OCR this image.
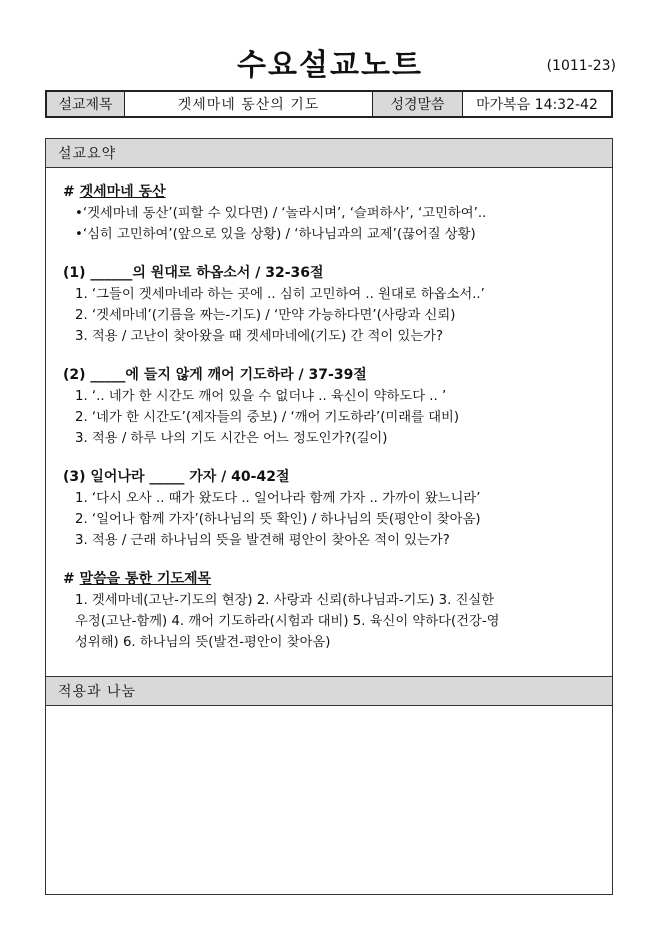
수요설교노트	(1011-23)
설교제목	겟세마네 동산의 기도	성경말씀	마가복음 14:32-42
설교요약
# 겟세마네 동산
•‘겟세마네 동산’(피할 수 있다면) / ‘놀라시며’, ‘슬퍼하사’, ‘고민하여’..
•‘심히 고민하여’(앞으로 있을 상황) / ‘하나님과의 교제’(끊어질 상황)
(1) ______의 원대로 하옵소서 / 32-36절
1. ‘그들이 겟세마네라 하는 곳에 .. 심히 고민하여 .. 원대로 하옵소서..’
2. ‘겟세마네’(기름을 짜는-기도) / ‘만약 가능하다면’(사랑과 신뢰)
3. 적용 / 고난이 찾아왔을 때 겟세마네에(기도) 간 적이 있는가?
(2) _____에 들지 않게 깨어 기도하라 / 37-39절
1. ‘.. 네가 한 시간도 깨어 있을 수 없더냐 .. 육신이 약하도다 .. ’
2. ‘네가 한 시간도’(제자들의 중보) / ‘깨어 기도하라’(미래를 대비)
3. 적용 / 하루 나의 기도 시간은 어느 정도인가?(길이)
(3) 일어나라 _____ 가자 / 40-42절
1. ‘다시 오사 .. 때가 왔도다 .. 일어나라 함께 가자 .. 가까이 왔느니라’
2. ‘일어나 함께 가자’(하나님의 뜻 확인) / 하나님의 뜻(평안이 찾아옴)
3. 적용 / 근래 하나님의 뜻을 발견해 평안이 찾아온 적이 있는가?
# 말씀을 통한 기도제목
1. 겟세마네(고난-기도의 현장) 2. 사랑과 신뢰(하나님과-기도) 3. 진실한
우정(고난-함께) 4. 깨어 기도하라(시험과 대비) 5. 육신이 약하다(건강-영
성위해) 6. 하나님의 뜻(발견-평안이 찾아옴)
적용과 나눔
